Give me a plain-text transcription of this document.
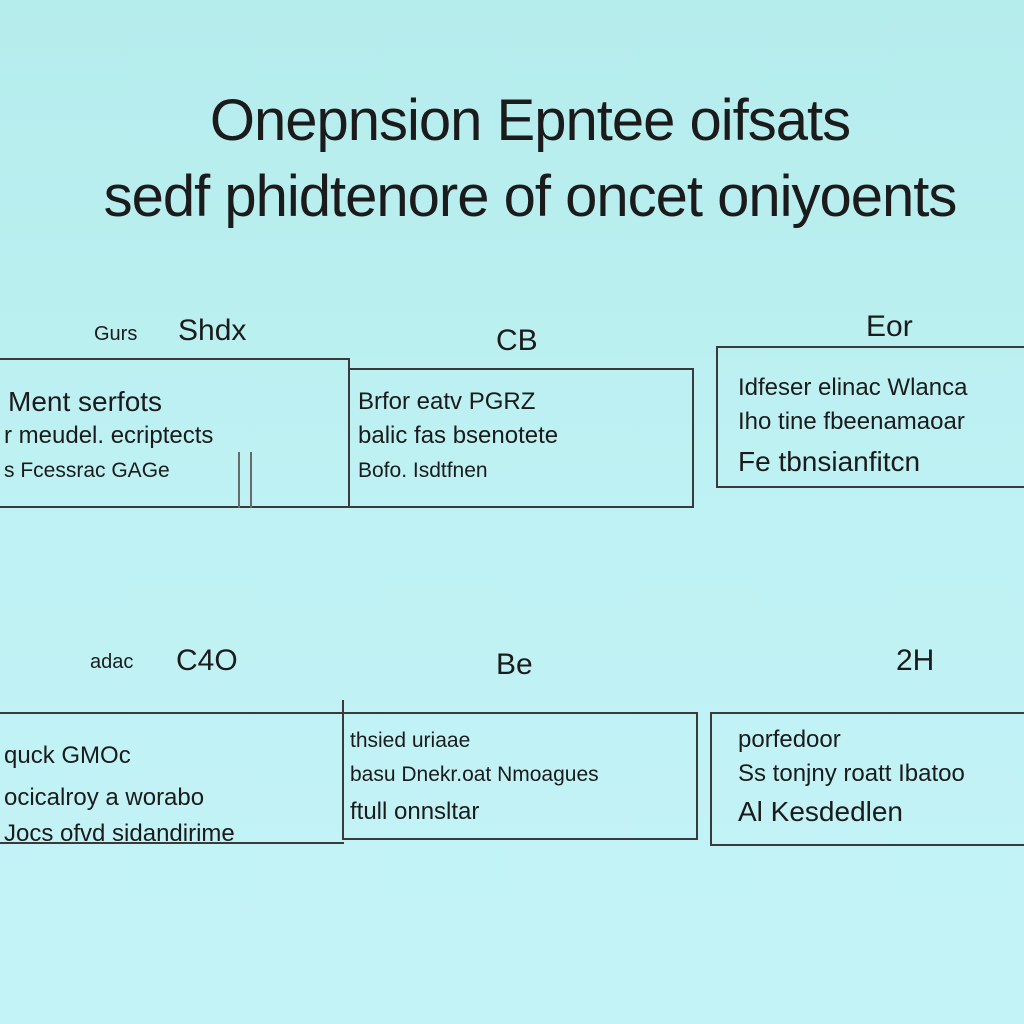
Onepnsion Epntee oifsats
sedf phidtenore of oncet oniyoents
Gurs Shdx	CB	Eor
Ment serfots
r meudel. ecriptects
s Fcessrac GAGe
Brfor eatv PGRZ
balic fas bsenotete
Bofo. Isdtfnen
Idfeser elinac Wlanca
Iho tine fbeenamaoar
Fe tbnsianfitcn
adac C4O	Be	2H
quck GMOc
ocicalroy a worabo
Jocs ofvd sidandirime
thsied uriaae
basu Dnekr.oat Nmoagues
ftull onnsltar
porfedoor
Ss tonjny roatt Ibatoo
Al Kesdedlen
